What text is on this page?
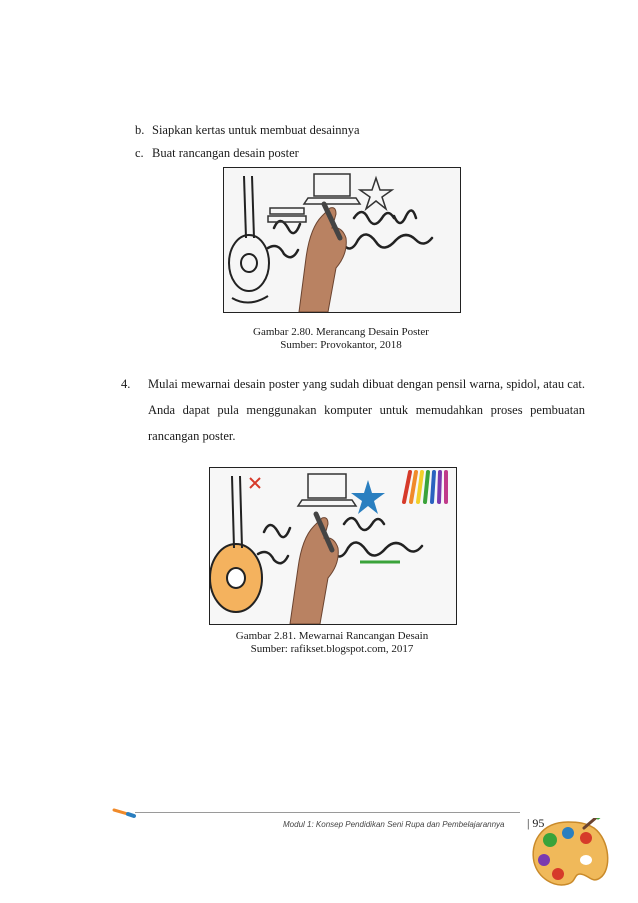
b. Siapkan kertas untuk membuat desainnya
c. Buat rancangan desain poster
Gambar 2.80. Merancang Desain Poster
Sumber: Provokantor, 2018
4. Mulai mewarnai desain poster yang sudah dibuat dengan pensil warna, spidol, atau cat. Anda dapat pula menggunakan komputer untuk memudahkan proses pembuatan rancangan poster.
Gambar 2.81. Mewarnai Rancangan Desain
Sumber: rafikset.blogspot.com, 2017
Modul 1: Konsep Pendidikan Seni Rupa dan Pembelajarannya | 95
